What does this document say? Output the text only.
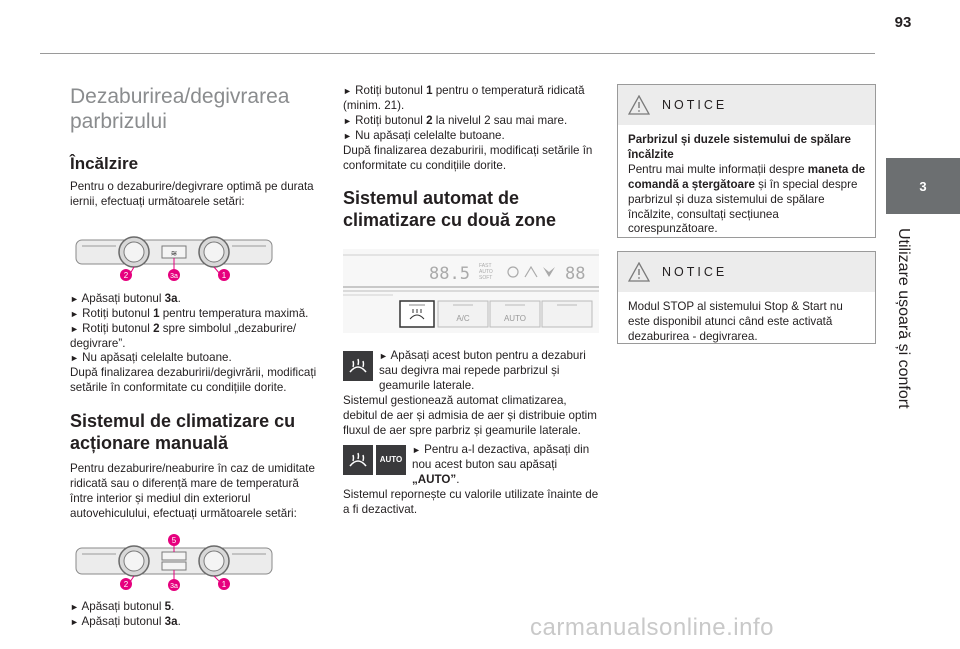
93
3
Utilizare ușoară și confort
Dezaburirea/degivrarea parbrizului
Încălzire

Pentru o dezaburire/degivrare optimă pe durata iernii, efectuați următoarele setări:

≋
2	3a	1

► Apăsați butonul 3a.

► Rotiți butonul 1 pentru temperatura maximă.

► Rotiți butonul 2 spre simbolul „dezaburire/ degivrare”.

► Nu apăsați celelalte butoane.

După finalizarea dezaburirii/degivrării, modificați setările în conformitate cu condițiile dorite.

Sistemul de climatizare cu acționare manuală

Pentru dezaburire/neaburire în caz de umiditate ridicată sau o diferență mare de temperatură între interior și mediul din exteriorul autovehiculului, efectuați următoarele setări:

5
2	3a	1

► Apăsați butonul 5.

► Apăsați butonul 3a.

► Rotiți butonul 1 pentru o temperatură ridicată (minim. 21).

► Rotiți butonul 2 la nivelul 2 sau mai mare.

► Nu apăsați celelalte butoane.

După finalizarea dezaburirii, modificați setările în conformitate cu condițiile dorite.

Sistemul automat de climatizare cu două zone
88.5 FAST
AUTO
SOFT	88
A/C	AUTO

► Apăsați acest buton pentru a dezaburi sau degivra mai repede parbrizul și geamurile laterale.

Sistemul gestionează automat climatizarea, debitul de aer și admisia de aer și distribuie optim fluxul de aer spre parbriz și geamurile laterale.

AUTO

► Pentru a-l dezactiva, apăsați din nou acest buton sau apăsați „AUTO”.

Sistemul repornește cu valorile utilizate înainte de a fi dezactivat.

NOTICE

Parbrizul și duzele sistemului de spălare încălzite

Pentru mai multe informații despre maneta de comandă a ștergătoare și în special despre parbrizul și duza sistemului de spălare încălzite, consultați secțiunea corespunzătoare.

NOTICE

Modul STOP al sistemului Stop & Start nu este disponibil atunci când este activată dezaburirea - degivrarea.

carmanualsonline.info
